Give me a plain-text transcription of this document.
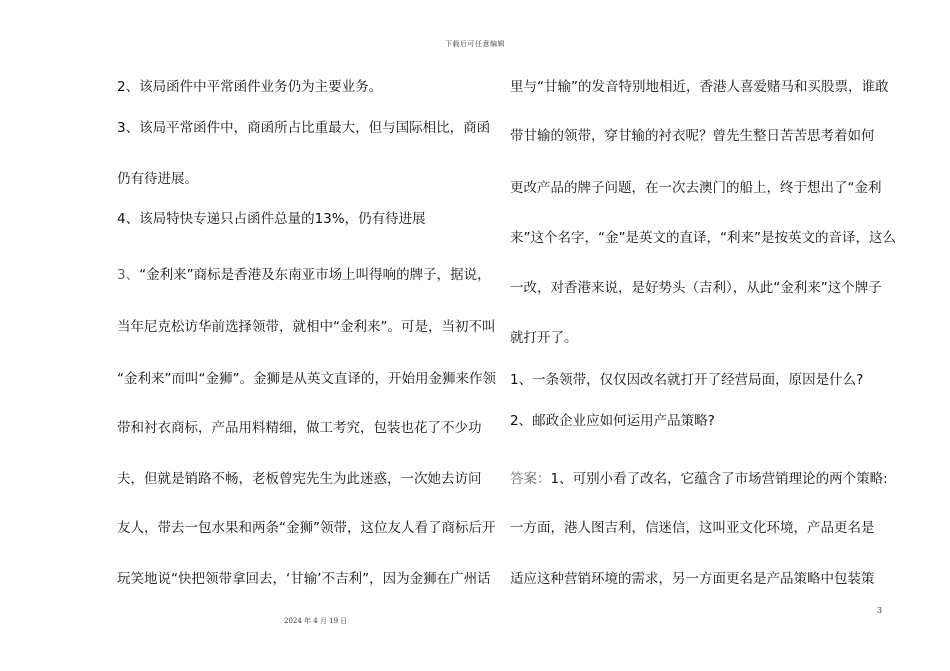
下载后可任意编辑
2、该局函件中平常函件业务仍为主要业务。
3、该局平常函件中，商函所占比重最大，但与国际相比，商函
仍有待进展。
4、该局特快专递只占函件总量的13%，仍有待进展
3、“金利来”商标是香港及东南亚市场上叫得响的牌子，据说，
当年尼克松访华前选择领带，就相中“金利来”。可是，当初不叫
“金利来”而叫“金狮”。金狮是从英文直译的，开始用金狮来作领
带和衬衣商标，产品用料精细，做工考究，包装也花了不少功
夫，但就是销路不畅，老板曾宪先生为此迷惑，一次她去访问
友人，带去一包水果和两条“金狮”领带，这位友人看了商标后开
玩笑地说“快把领带拿回去，‘甘输’不吉利”，因为金狮在广州话
里与“甘输”的发音特别地相近，香港人喜爱赌马和买股票，谁敢
带甘输的领带，穿甘输的衬衣呢？曾先生整日苦苦思考着如何
更改产品的牌子问题，在一次去澳门的船上，终于想出了“金利
来”这个名字，“金”是英文的直译，“利来”是按英文的音译，这么
一改，对香港来说，是好势头（吉利），从此“金利来”这个牌子
就打开了。
1、一条领带，仅仅因改名就打开了经营局面，原因是什么?
2、邮政企业应如何运用产品策略?
答案：1、可别小看了改名，它蕴含了市场营销理论的两个策略:
一方面，港人图吉利，信迷信，这叫亚文化环境，产品更名是
适应这种营销环境的需求，另一方面更名是产品策略中包装策
3
2024 年 4 月 19 日
